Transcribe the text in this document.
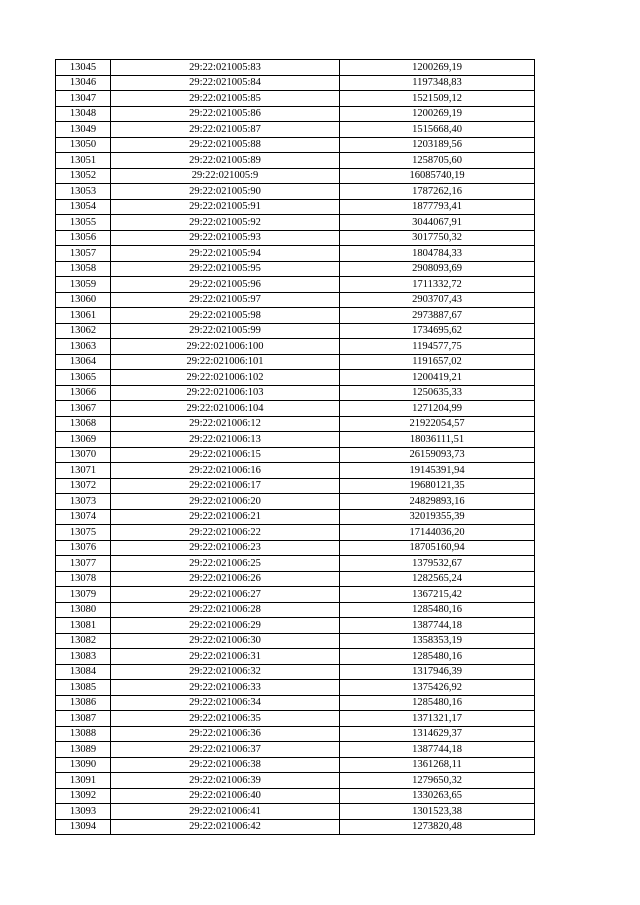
13045	29:22:021005:83	1200269,19
13046	29:22:021005:84	1197348,83
13047	29:22:021005:85	1521509,12
13048	29:22:021005:86	1200269,19
13049	29:22:021005:87	1515668,40
13050	29:22:021005:88	1203189,56
13051	29:22:021005:89	1258705,60
13052	29:22:021005:9	16085740,19
13053	29:22:021005:90	1787262,16
13054	29:22:021005:91	1877793,41
13055	29:22:021005:92	3044067,91
13056	29:22:021005:93	3017750,32
13057	29:22:021005:94	1804784,33
13058	29:22:021005:95	2908093,69
13059	29:22:021005:96	1711332,72
13060	29:22:021005:97	2903707,43
13061	29:22:021005:98	2973887,67
13062	29:22:021005:99	1734695,62
13063	29:22:021006:100	1194577,75
13064	29:22:021006:101	1191657,02
13065	29:22:021006:102	1200419,21
13066	29:22:021006:103	1250635,33
13067	29:22:021006:104	1271204,99
13068	29:22:021006:12	21922054,57
13069	29:22:021006:13	18036111,51
13070	29:22:021006:15	26159093,73
13071	29:22:021006:16	19145391,94
13072	29:22:021006:17	19680121,35
13073	29:22:021006:20	24829893,16
13074	29:22:021006:21	32019355,39
13075	29:22:021006:22	17144036,20
13076	29:22:021006:23	18705160,94
13077	29:22:021006:25	1379532,67
13078	29:22:021006:26	1282565,24
13079	29:22:021006:27	1367215,42
13080	29:22:021006:28	1285480,16
13081	29:22:021006:29	1387744,18
13082	29:22:021006:30	1358353,19
13083	29:22:021006:31	1285480,16
13084	29:22:021006:32	1317946,39
13085	29:22:021006:33	1375426,92
13086	29:22:021006:34	1285480,16
13087	29:22:021006:35	1371321,17
13088	29:22:021006:36	1314629,37
13089	29:22:021006:37	1387744,18
13090	29:22:021006:38	1361268,11
13091	29:22:021006:39	1279650,32
13092	29:22:021006:40	1330263,65
13093	29:22:021006:41	1301523,38
13094	29:22:021006:42	1273820,48
